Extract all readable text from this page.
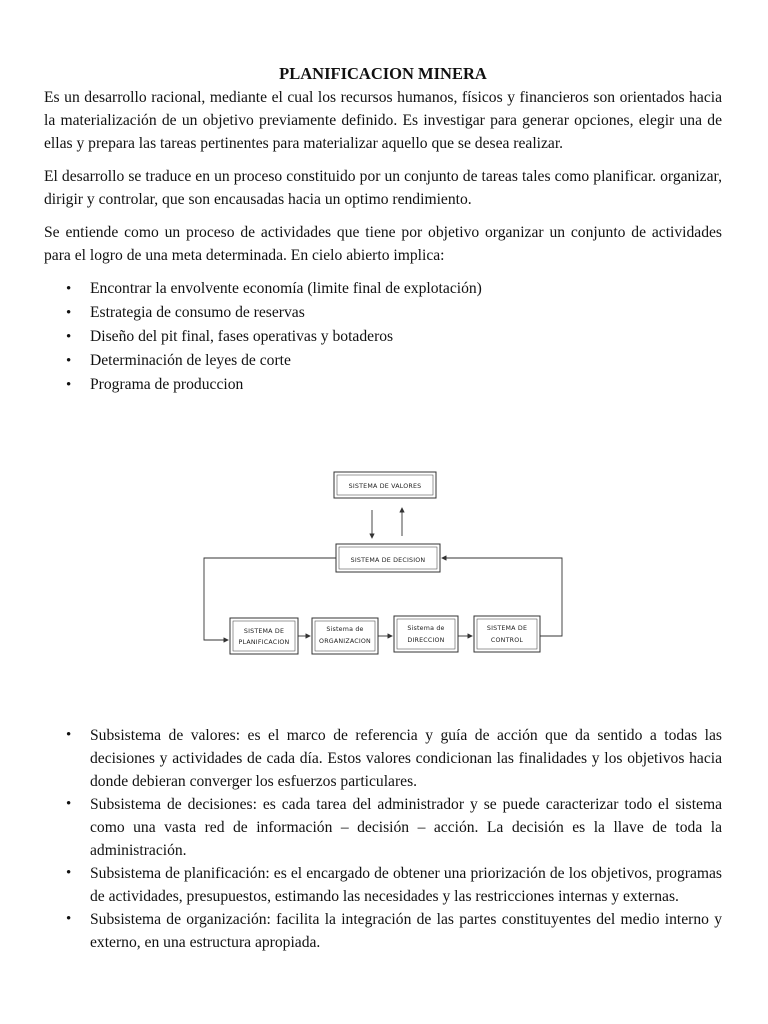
PLANIFICACION MINERA

Es un desarrollo racional, mediante el cual los recursos humanos, físicos y financieros son orientados hacia la materialización de un objetivo previamente definido. Es investigar para generar opciones, elegir una de ellas y prepara las tareas pertinentes para materializar aquello que se desea realizar.

El desarrollo se traduce en un proceso constituido por un conjunto de tareas tales como planificar. organizar, dirigir y controlar, que son encausadas hacia un optimo rendimiento.

Se entiende como un proceso de actividades que tiene por objetivo organizar un conjunto de actividades para el logro de una meta determinada. En cielo abierto implica:

• Encontrar la envolvente economía (limite final de explotación)
• Estrategia de consumo de reservas
• Diseño del pit final, fases operativas y botaderos
• Determinación de leyes de corte
• Programa de produccion
SISTEMA DE VALORES
SISTEMA DE DECISION
SISTEMA DE
PLANIFICACION
Sistema de
ORGANIZACION
Sistema de
DIRECCION
SISTEMA DE
CONTROL
• Subsistema de valores: es el marco de referencia y guía de acción que da sentido a todas las decisiones y actividades de cada día. Estos valores condicionan las finalidades y los objetivos hacia donde debieran converger los esfuerzos particulares.
• Subsistema de decisiones: es cada tarea del administrador y se puede caracterizar todo el sistema como una vasta red de información – decisión – acción. La decisión es la llave de toda la administración.
• Subsistema de planificación: es el encargado de obtener una priorización de los objetivos, programas de actividades, presupuestos, estimando las necesidades y las restricciones internas y externas.
• Subsistema de organización: facilita la integración de las partes constituyentes del medio interno y externo, en una estructura apropiada.
